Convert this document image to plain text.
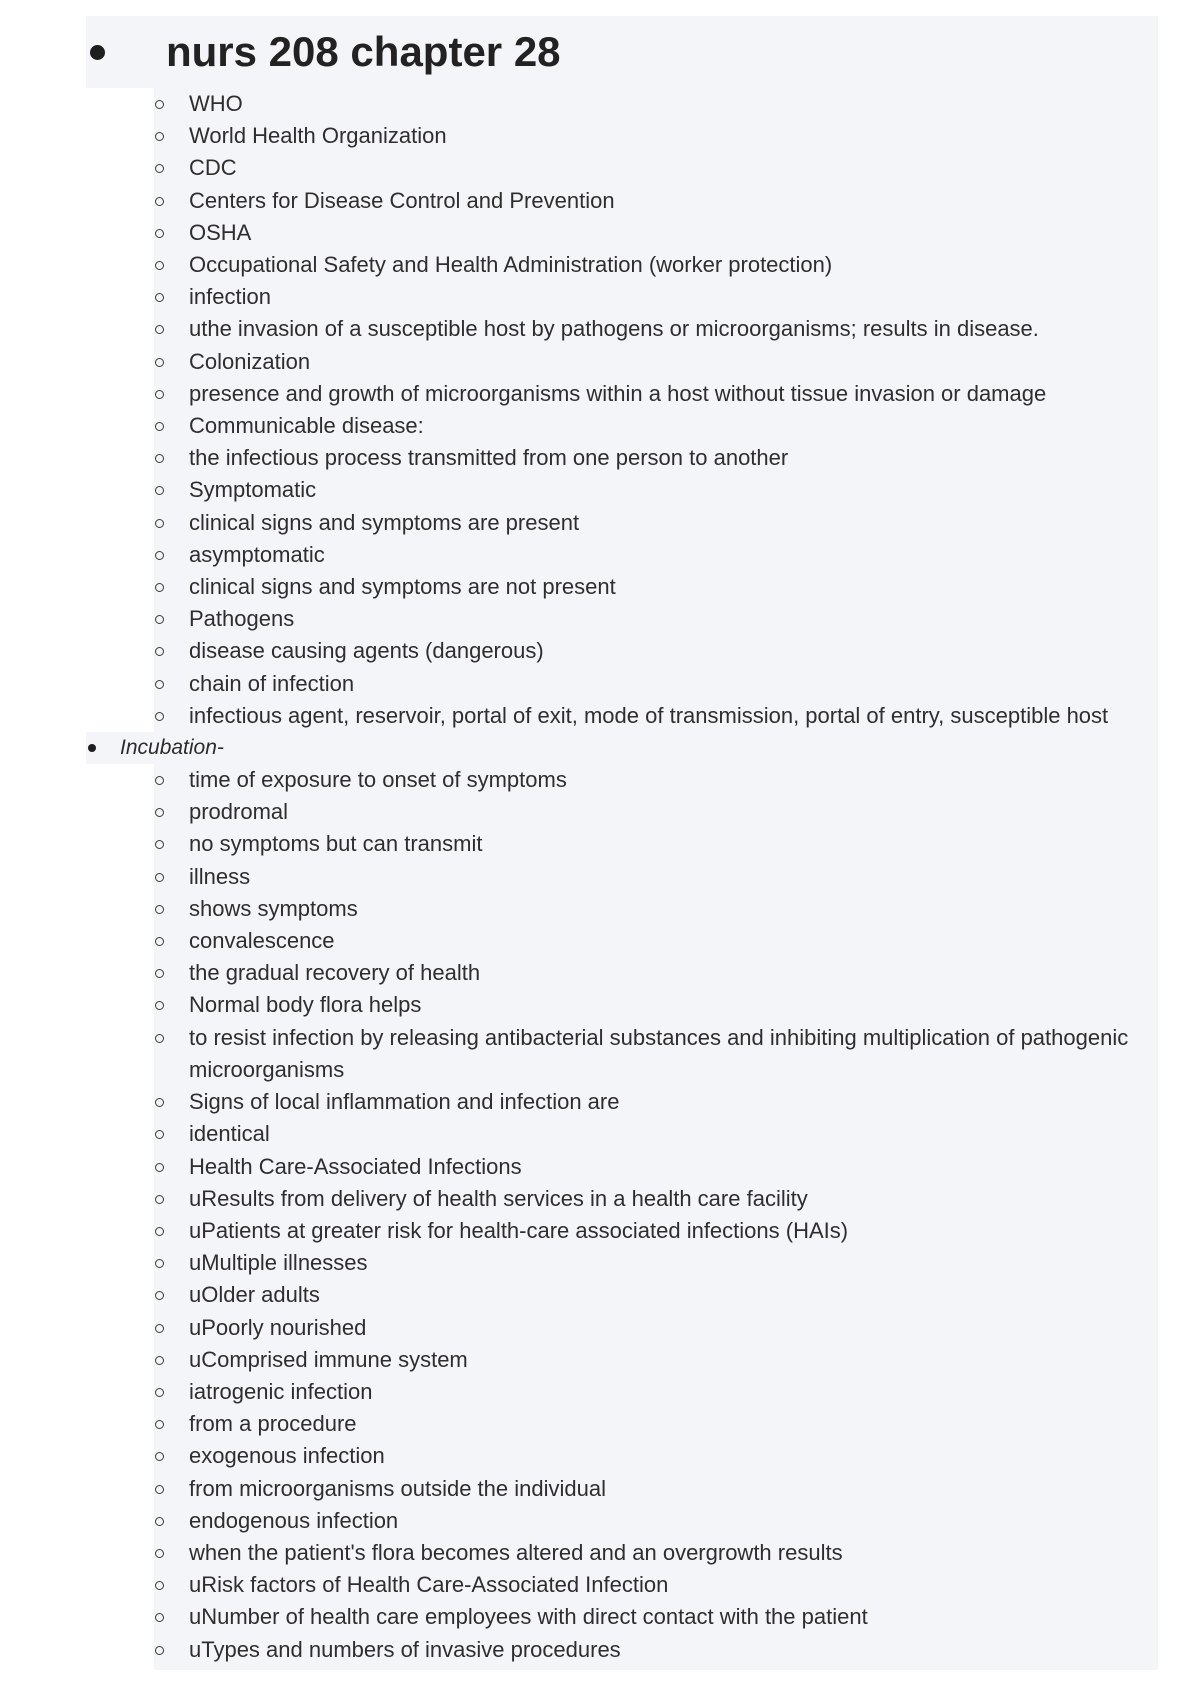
nurs 208 chapter 28
WHO
World Health Organization
CDC
Centers for Disease Control and Prevention
OSHA
Occupational Safety and Health Administration (worker protection)
infection
uthe invasion of a susceptible host by pathogens or microorganisms; results in disease.
Colonization
presence and growth of microorganisms within a host without tissue invasion or damage
Communicable disease:
the infectious process transmitted from one person to another
Symptomatic
clinical signs and symptoms are present
asymptomatic
clinical signs and symptoms are not present
Pathogens
disease causing agents (dangerous)
chain of infection
infectious agent, reservoir, portal of exit, mode of transmission, portal of entry, susceptible host
Incubation-
time of exposure to onset of symptoms
prodromal
no symptoms but can transmit
illness
shows symptoms
convalescence
the gradual recovery of health
Normal body flora helps
to resist infection by releasing antibacterial substances and inhibiting multiplication of pathogenic microorganisms
Signs of local inflammation and infection are
identical
Health Care-Associated Infections
uResults from delivery of health services in a health care facility
uPatients at greater risk for health-care associated infections (HAIs)
uMultiple illnesses
uOlder adults
uPoorly nourished
uComprised immune system
iatrogenic infection
from a procedure
exogenous infection
from microorganisms outside the individual
endogenous infection
when the patient's flora becomes altered and an overgrowth results
uRisk factors of Health Care-Associated Infection
uNumber of health care employees with direct contact with the patient
uTypes and numbers of invasive procedures
